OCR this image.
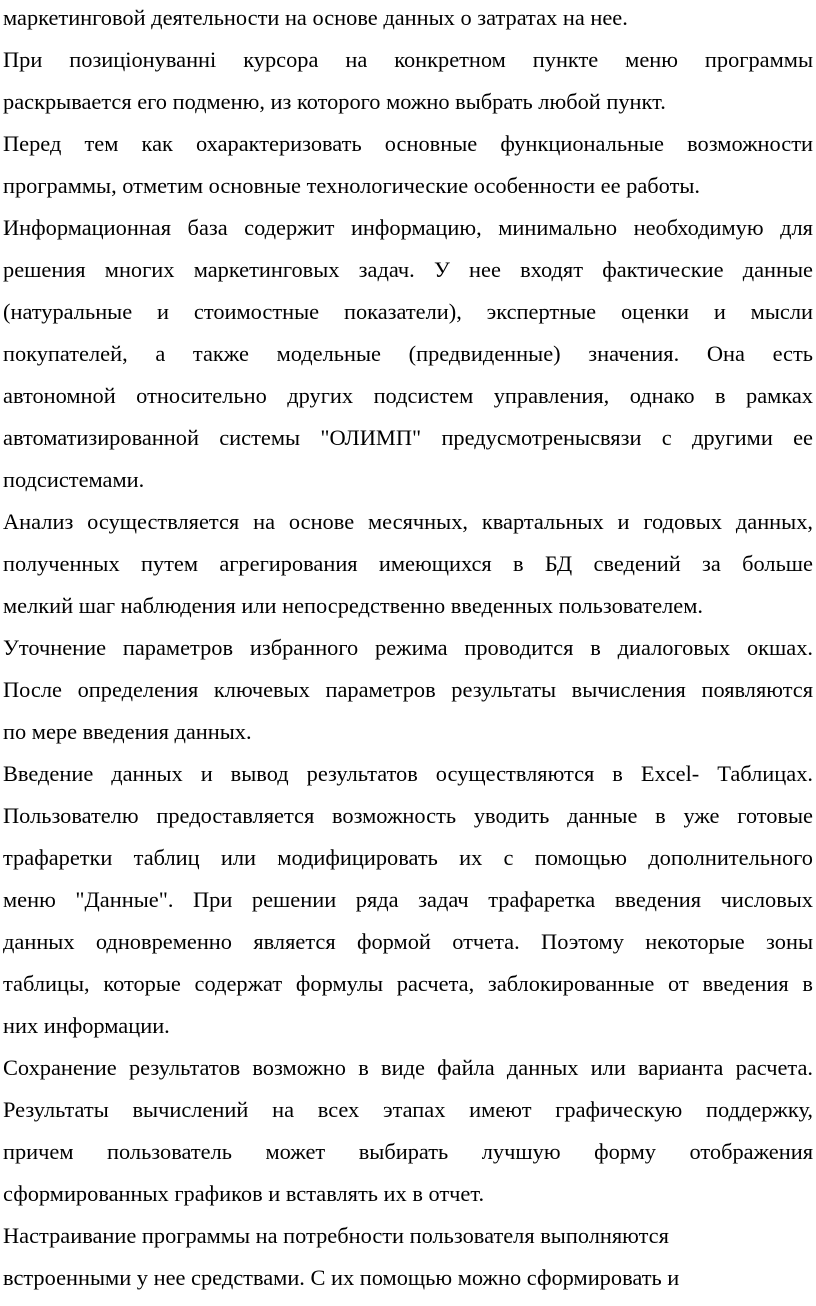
маркетинговой деятельности на основе данных о затратах на нее.
При позиціонуванні курсора на конкретном пункте меню программы
раскрывается его подменю, из которого можно выбрать любой пункт.
Перед тем как охарактеризовать основные функциональные возможности
программы, отметим основные технологические особенности ее работы.
Информационная база содержит информацию, минимально необходимую для
решения многих маркетинговых задач. У нее входят фактические данные
(натуральные и стоимостные показатели), экспертные оценки и мысли
покупателей, а также модельные (предвиденные) значения. Она есть
автономной относительно других подсистем управления, однако в рамках
автоматизированной системы "ОЛИМП" предусмотренысвязи с другими ее
подсистемами.
Анализ осуществляется на основе месячных, квартальных и годовых данных,
полученных путем агрегирования имеющихся в БД сведений за больше
мелкий шаг наблюдения или непосредственно введенных пользователем.
Уточнение параметров избранного режима проводится в диалоговых окшах.
После определения ключевых параметров результаты вычисления появляются
по мере введения данных.
Введение данных и вывод результатов осуществляются в Excel- Таблицах.
Пользователю предоставляется возможность уводить данные в уже готовые
трафаретки таблиц или модифицировать их с помощью дополнительного
меню "Данные". При решении ряда задач трафаретка введения числовых
данных одновременно является формой отчета. Поэтому некоторые зоны
таблицы, которые содержат формулы расчета, заблокированные от введения в
них информации.
Сохранение результатов возможно в виде файла данных или варианта расчета.
Результаты вычислений на всех этапах имеют графическую поддержку,
причем пользователь может выбирать лучшую форму отображения
сформированных графиков и вставлять их в отчет.
Настраивание программы на потребности пользователя выполняются
встроенными у нее средствами. С их помощью можно сформировать и
